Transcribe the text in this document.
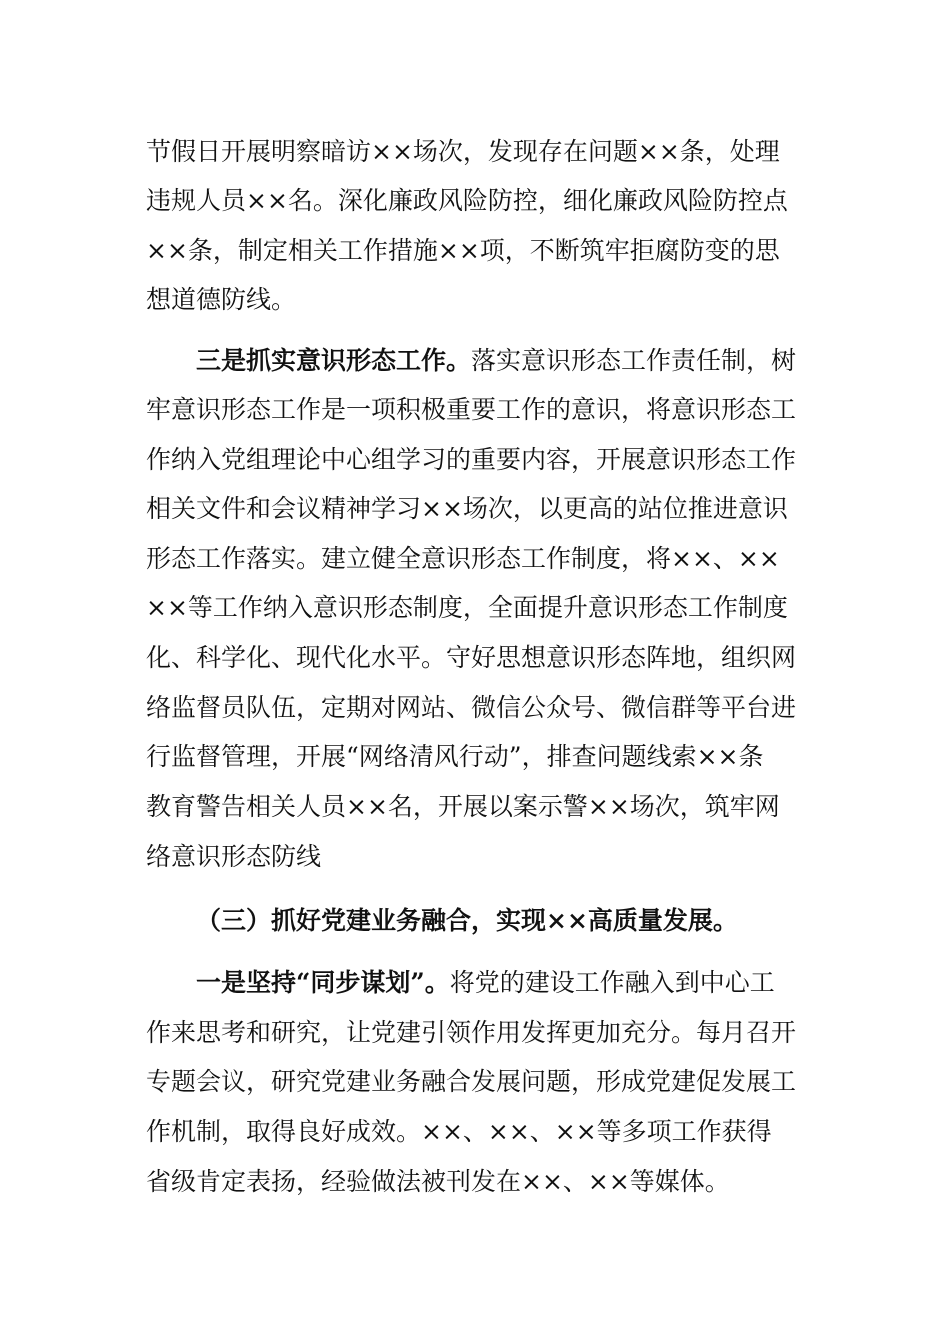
节假日开展明察暗访××场次，发现存在问题××条，处理
违规人员××名。深化廉政风险防控，细化廉政风险防控点
××条，制定相关工作措施××项，不断筑牢拒腐防变的思
想道德防线。
三是抓实意识形态工作。落实意识形态工作责任制，树
牢意识形态工作是一项积极重要工作的意识，将意识形态工
作纳入党组理论中心组学习的重要内容，开展意识形态工作
相关文件和会议精神学习××场次，以更高的站位推进意识
形态工作落实。建立健全意识形态工作制度，将××、××
××等工作纳入意识形态制度，全面提升意识形态工作制度
化、科学化、现代化水平。守好思想意识形态阵地，组织网
络监督员队伍，定期对网站、微信公众号、微信群等平台进
行监督管理，开展“网络清风行动”，排查问题线索××条
教育警告相关人员××名，开展以案示警××场次，筑牢网
络意识形态防线
（三）抓好党建业务融合，实现××高质量发展。
一是坚持“同步谋划”。将党的建设工作融入到中心工
作来思考和研究，让党建引领作用发挥更加充分。每月召开
专题会议，研究党建业务融合发展问题，形成党建促发展工
作机制，取得良好成效。××、××、××等多项工作获得
省级肯定表扬，经验做法被刊发在××、××等媒体。
